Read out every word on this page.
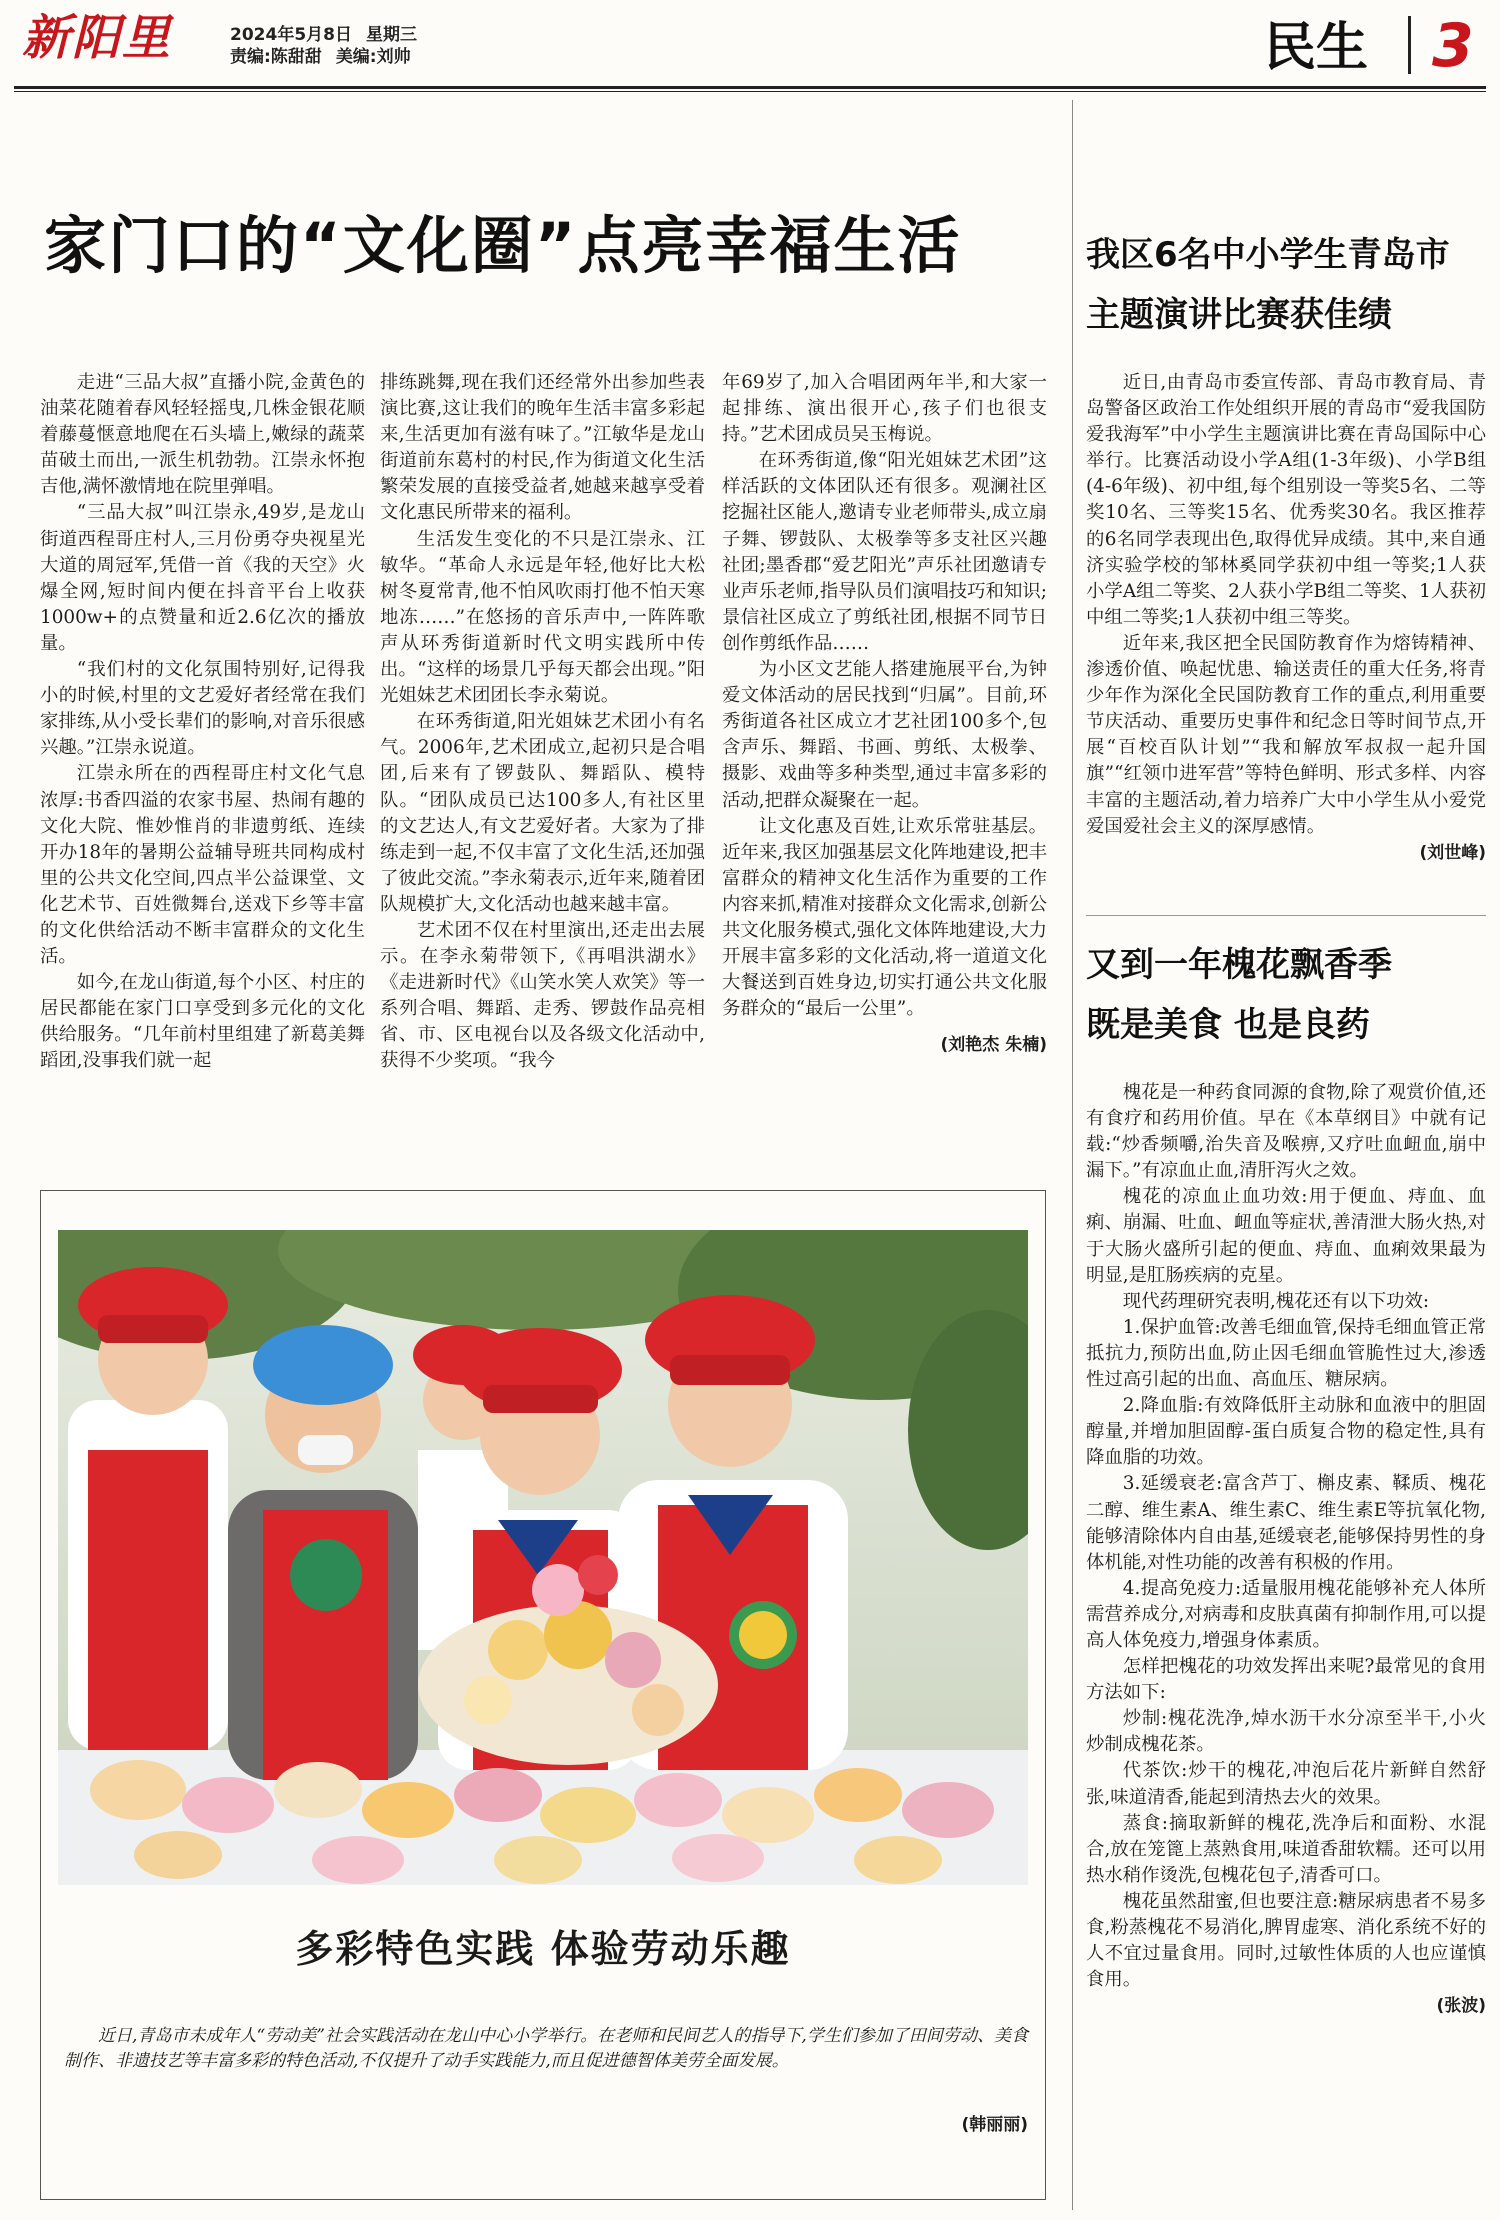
新阳里	2024年5月8日 星期三
责编:陈甜甜 美编:刘帅	民生 3
家门口的“文化圈”点亮幸福生活

走进“三品大叔”直播小院,金黄色的油菜花随着春风轻轻摇曳,几株金银花顺着藤蔓惬意地爬在石头墙上,嫩绿的蔬菜苗破土而出,一派生机勃勃。江崇永怀抱吉他,满怀激情地在院里弹唱。

“三品大叔”叫江崇永,49岁,是龙山街道西程哥庄村人,三月份勇夺央视星光大道的周冠军,凭借一首《我的天空》火爆全网,短时间内便在抖音平台上收获1000w+的点赞量和近2.6亿次的播放量。

“我们村的文化氛围特别好,记得我小的时候,村里的文艺爱好者经常在我们家排练,从小受长辈们的影响,对音乐很感兴趣。”江崇永说道。

江崇永所在的西程哥庄村文化气息浓厚:书香四溢的农家书屋、热闹有趣的文化大院、惟妙惟肖的非遗剪纸、连续开办18年的暑期公益辅导班共同构成村里的公共文化空间,四点半公益课堂、文化艺术节、百姓微舞台,送戏下乡等丰富的文化供给活动不断丰富群众的文化生活。

如今,在龙山街道,每个小区、村庄的居民都能在家门口享受到多元化的文化供给服务。“几年前村里组建了新葛美舞蹈团,没事我们就一起

排练跳舞,现在我们还经常外出参加些表演比赛,这让我们的晚年生活丰富多彩起来,生活更加有滋有味了。”江敏华是龙山街道前东葛村的村民,作为街道文化生活繁荣发展的直接受益者,她越来越享受着文化惠民所带来的福利。

生活发生变化的不只是江崇永、江敏华。“革命人永远是年轻,他好比大松树冬夏常青,他不怕风吹雨打他不怕天寒地冻……”在悠扬的音乐声中,一阵阵歌声从环秀街道新时代文明实践所中传出。“这样的场景几乎每天都会出现。”阳光姐妹艺术团团长李永菊说。

在环秀街道,阳光姐妹艺术团小有名气。2006年,艺术团成立,起初只是合唱团,后来有了锣鼓队、舞蹈队、模特队。“团队成员已达100多人,有社区里的文艺达人,有文艺爱好者。大家为了排练走到一起,不仅丰富了文化生活,还加强了彼此交流。”李永菊表示,近年来,随着团队规模扩大,文化活动也越来越丰富。

艺术团不仅在村里演出,还走出去展示。在李永菊带领下,《再唱洪湖水》《走进新时代》《山笑水笑人欢笑》等一系列合唱、舞蹈、走秀、锣鼓作品亮相省、市、区电视台以及各级文化活动中,获得不少奖项。“我今

年69岁了,加入合唱团两年半,和大家一起排练、演出很开心,孩子们也很支持。”艺术团成员吴玉梅说。

在环秀街道,像“阳光姐妹艺术团”这样活跃的文体团队还有很多。观澜社区挖掘社区能人,邀请专业老师带头,成立扇子舞、锣鼓队、太极拳等多支社区兴趣社团;墨香郡“爱艺阳光”声乐社团邀请专业声乐老师,指导队员们演唱技巧和知识;景信社区成立了剪纸社团,根据不同节日创作剪纸作品……

为小区文艺能人搭建施展平台,为钟爱文体活动的居民找到“归属”。目前,环秀街道各社区成立才艺社团100多个,包含声乐、舞蹈、书画、剪纸、太极拳、摄影、戏曲等多种类型,通过丰富多彩的活动,把群众凝聚在一起。

让文化惠及百姓,让欢乐常驻基层。近年来,我区加强基层文化阵地建设,把丰富群众的精神文化生活作为重要的工作内容来抓,精准对接群众文化需求,创新公共文化服务模式,强化文体阵地建设,大力开展丰富多彩的文化活动,将一道道文化大餐送到百姓身边,切实打通公共文化服务群众的“最后一公里”。

(刘艳杰 朱楠)
我区6名中小学生青岛市
主题演讲比赛获佳绩

近日,由青岛市委宣传部、青岛市教育局、青岛警备区政治工作处组织开展的青岛市“爱我国防 爱我海军”中小学生主题演讲比赛在青岛国际中心举行。比赛活动设小学A组(1-3年级)、小学B组(4-6年级)、初中组,每个组别设一等奖5名、二等奖10名、三等奖15名、优秀奖30名。我区推荐的6名同学表现出色,取得优异成绩。其中,来自通济实验学校的邹林奚同学获初中组一等奖;1人获小学A组二等奖、2人获小学B组二等奖、1人获初中组二等奖;1人获初中组三等奖。

近年来,我区把全民国防教育作为熔铸精神、渗透价值、唤起忧患、输送责任的重大任务,将青少年作为深化全民国防教育工作的重点,利用重要节庆活动、重要历史事件和纪念日等时间节点,开展“百校百队计划”“我和解放军叔叔一起升国旗”“红领巾进军营”等特色鲜明、形式多样、内容丰富的主题活动,着力培养广大中小学生从小爱党爱国爱社会主义的深厚感情。

(刘世峰)
又到一年槐花飘香季
既是美食 也是良药

槐花是一种药食同源的食物,除了观赏价值,还有食疗和药用价值。早在《本草纲目》中就有记载:“炒香频嚼,治失音及喉痹,又疗吐血衄血,崩中漏下。”有凉血止血,清肝泻火之效。

槐花的凉血止血功效:用于便血、痔血、血痢、崩漏、吐血、衄血等症状,善清泄大肠火热,对于大肠火盛所引起的便血、痔血、血痢效果最为明显,是肛肠疾病的克星。

现代药理研究表明,槐花还有以下功效:

1.保护血管:改善毛细血管,保持毛细血管正常抵抗力,预防出血,防止因毛细血管脆性过大,渗透性过高引起的出血、高血压、糖尿病。

2.降血脂:有效降低肝主动脉和血液中的胆固醇量,并增加胆固醇-蛋白质复合物的稳定性,具有降血脂的功效。

3.延缓衰老:富含芦丁、槲皮素、鞣质、槐花二醇、维生素A、维生素C、维生素E等抗氧化物,能够清除体内自由基,延缓衰老,能够保持男性的身体机能,对性功能的改善有积极的作用。

4.提高免疫力:适量服用槐花能够补充人体所需营养成分,对病毒和皮肤真菌有抑制作用,可以提高人体免疫力,增强身体素质。

怎样把槐花的功效发挥出来呢?最常见的食用方法如下:

炒制:槐花洗净,焯水沥干水分凉至半干,小火炒制成槐花茶。

代茶饮:炒干的槐花,冲泡后花片新鲜自然舒张,味道清香,能起到清热去火的效果。

蒸食:摘取新鲜的槐花,洗净后和面粉、水混合,放在笼篦上蒸熟食用,味道香甜软糯。还可以用热水稍作烫洗,包槐花包子,清香可口。

槐花虽然甜蜜,但也要注意:糖尿病患者不易多食,粉蒸槐花不易消化,脾胃虚寒、消化系统不好的人不宜过量食用。同时,过敏性体质的人也应谨慎食用。

(张波)
多彩特色实践 体验劳动乐趣
近日,青岛市未成年人“劳动美”社会实践活动在龙山中心小学举行。在老师和民间艺人的指导下,学生们参加了田间劳动、美食制作、非遗技艺等丰富多彩的特色活动,不仅提升了动手实践能力,而且促进德智体美劳全面发展。
(韩丽丽)
